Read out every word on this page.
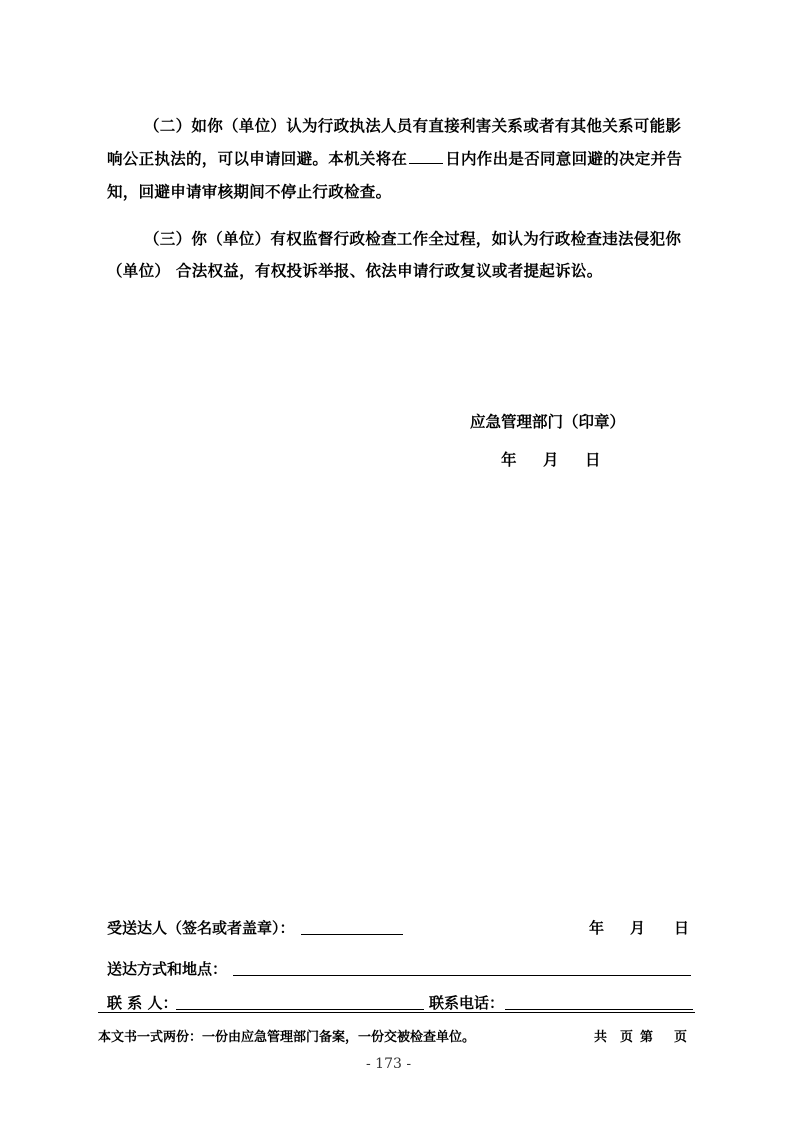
（二）如你（单位）认为行政执法人员有直接利害关系或者有其他关系可能影
响公正执法的，可以申请回避。本机关将在 日内作出是否同意回避的决定并告
知，回避申请审核期间不停止行政检查。
（三）你（单位）有权监督行政检查工作全过程，如认为行政检查违法侵犯你
（单位） 合法权益，有权投诉举报、依法申请行政复议或者提起诉讼。
应急管理部门（印章）
年 月 日
受送达人（签名或者盖章）：	年 月 日
送达方式和地点：
联 系 人：	联系电话：
本文书一式两份：一份由应急管理部门备案，一份交被检查单位。	共 页第 页
- 173 -
